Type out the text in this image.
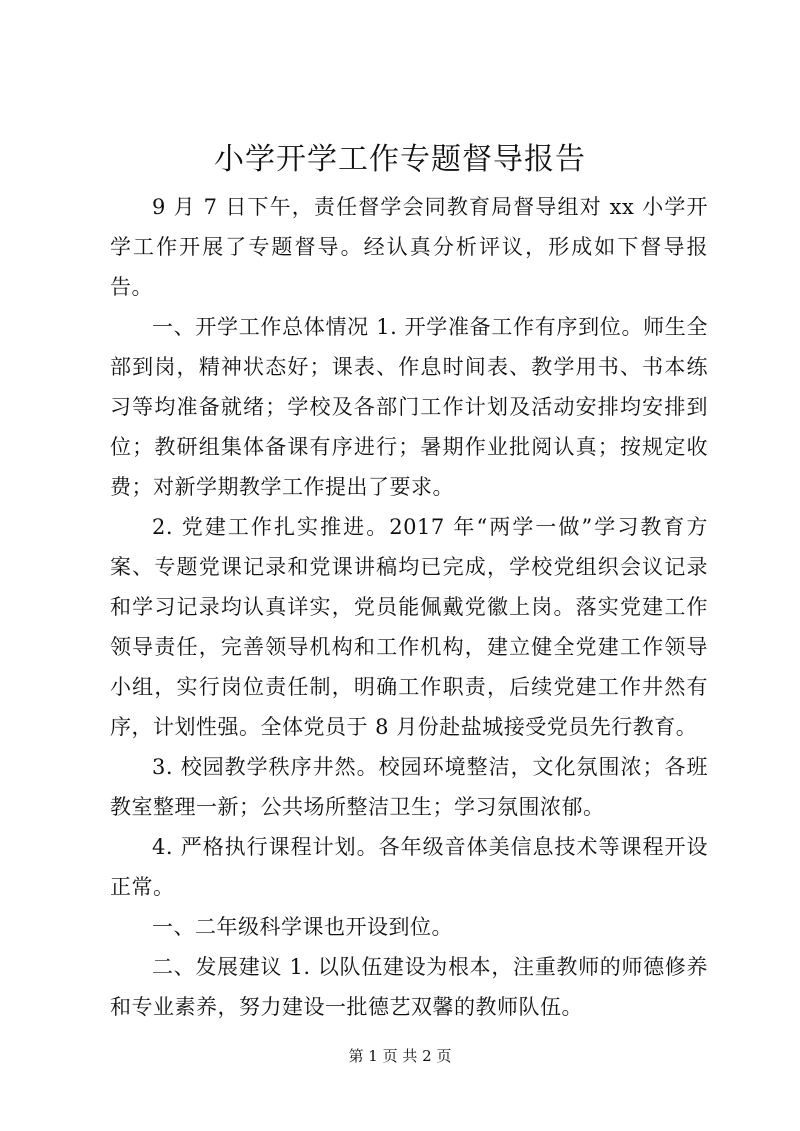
小学开学工作专题督导报告

9 月 7 日下午，责任督学会同教育局督导组对 xx 小学开学工作开展了专题督导。经认真分析评议，形成如下督导报告。

一、开学工作总体情况 1. 开学准备工作有序到位。师生全部到岗，精神状态好；课表、作息时间表、教学用书、书本练习等均准备就绪；学校及各部门工作计划及活动安排均安排到位；教研组集体备课有序进行；暑期作业批阅认真；按规定收费；对新学期教学工作提出了要求。

2. 党建工作扎实推进。2017 年“两学一做”学习教育方案、专题党课记录和党课讲稿均已完成，学校党组织会议记录和学习记录均认真详实，党员能佩戴党徽上岗。落实党建工作领导责任，完善领导机构和工作机构，建立健全党建工作领导小组，实行岗位责任制，明确工作职责，后续党建工作井然有序，计划性强。全体党员于 8 月份赴盐城接受党员先行教育。

3. 校园教学秩序井然。校园环境整洁，文化氛围浓；各班教室整理一新；公共场所整洁卫生；学习氛围浓郁。

4. 严格执行课程计划。各年级音体美信息技术等课程开设正常。

一、二年级科学课也开设到位。

二、发展建议 1. 以队伍建设为根本，注重教师的师德修养和专业素养，努力建设一批德艺双馨的教师队伍。

第 1 页 共 2 页
